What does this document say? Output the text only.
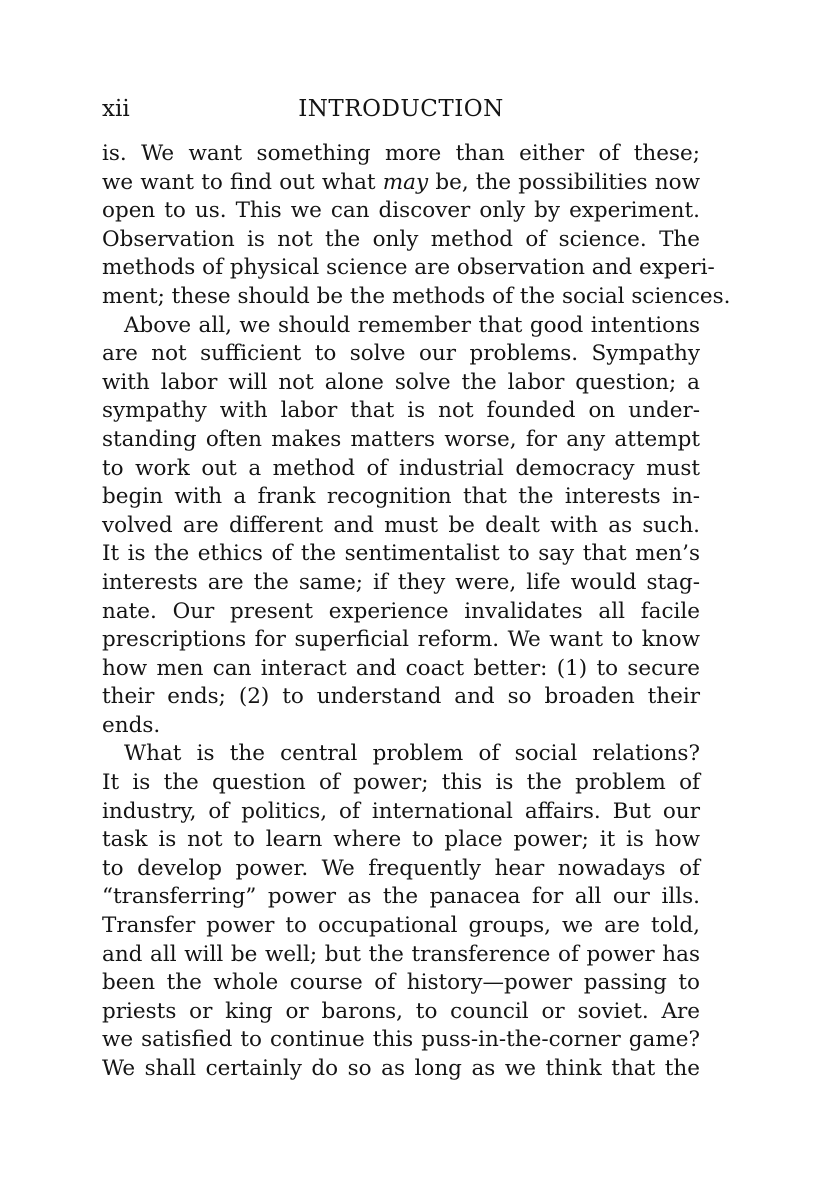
xii	INTRODUCTION
is. We want something more than either of these;
we want to find out what may be, the possibilities now
open to us. This we can discover only by experiment.
Observation is not the only method of science. The
methods of physical science are observation and experi-
ment; these should be the methods of the social sciences.
Above all, we should remember that good intentions
are not sufficient to solve our problems. Sympathy
with labor will not alone solve the labor question; a
sympathy with labor that is not founded on under-
standing often makes matters worse, for any attempt
to work out a method of industrial democracy must
begin with a frank recognition that the interests in-
volved are different and must be dealt with as such.
It is the ethics of the sentimentalist to say that men’s
interests are the same; if they were, life would stag-
nate. Our present experience invalidates all facile
prescriptions for superficial reform. We want to know
how men can interact and coact better: (1) to secure
their ends; (2) to understand and so broaden their
ends.
What is the central problem of social relations?
It is the question of power; this is the problem of
industry, of politics, of international affairs. But our
task is not to learn where to place power; it is how
to develop power. We frequently hear nowadays of
“transferring” power as the panacea for all our ills.
Transfer power to occupational groups, we are told,
and all will be well; but the transference of power has
been the whole course of history—power passing to
priests or king or barons, to council or soviet. Are
we satisfied to continue this puss-in-the-corner game?
We shall certainly do so as long as we think that the
